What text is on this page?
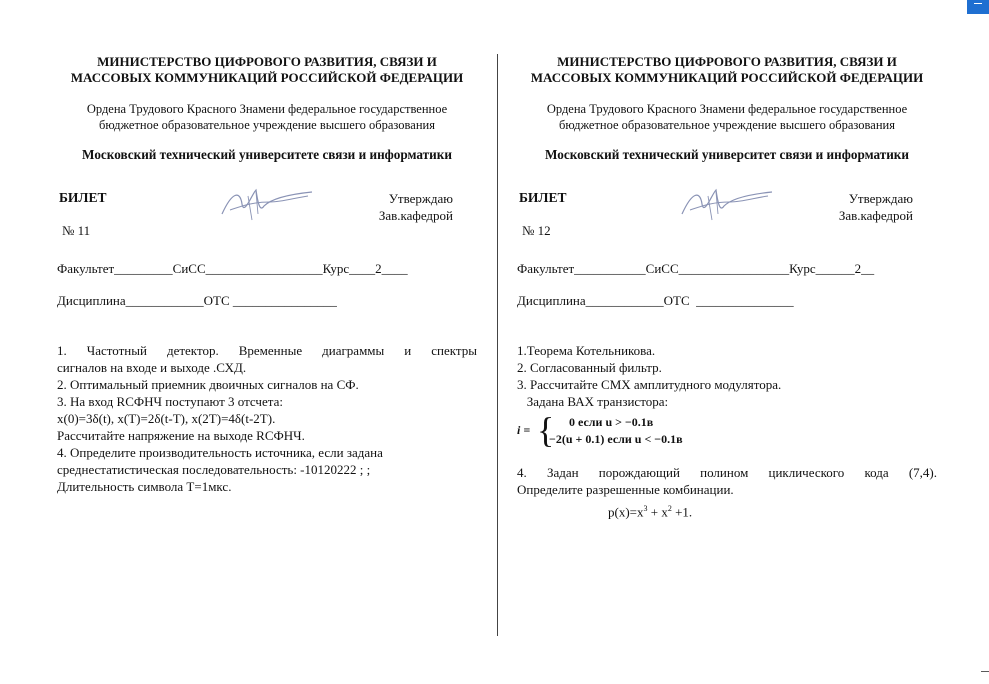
МИНИСТЕРСТВО ЦИФРОВОГО РАЗВИТИЯ, СВЯЗИ И
МАССОВЫХ КОММУНИКАЦИЙ РОССИЙСКОЙ ФЕДЕРАЦИИ
Ордена Трудового Красного Знамени федеральное государственное
бюджетное образовательное учреждение высшего образования
Московский технический университете связи и информатики
БИЛЕТ	Утверждаю
Зав.кафедрой
№ 11
Факультет_________СиСС__________________Курс____2____
Дисциплина____________ОТС ________________
1. Частотный детектор. Временные диаграммы и спектры
сигналов на входе и выходе .СХД.
2. Оптимальный приемник двоичных сигналов на СФ.
3. На вход RCФНЧ поступают 3 отсчета:
x(0)=3δ(t), x(T)=2δ(t-T), x(2T)=4δ(t-2T).
Рассчитайте напряжение на выходе RCФНЧ.
4. Определите производительность источника, если задана
среднестатистическая последовательность: -10120222 ; ;
Длительность символа T=1мкс.
МИНИСТЕРСТВО ЦИФРОВОГО РАЗВИТИЯ, СВЯЗИ И
МАССОВЫХ КОММУНИКАЦИЙ РОССИЙСКОЙ ФЕДЕРАЦИИ
Ордена Трудового Красного Знамени федеральное государственное
бюджетное образовательное учреждение высшего образования
Московский технический университет связи и информатики
БИЛЕТ	Утверждаю
Зав.кафедрой
№ 12
Факультет___________СиСС_________________Курс______2__
Дисциплина____________ОТС  _______________
1.Теорема Котельникова.
2. Согласованный фильтр.
3. Рассчитайте СМХ амплитудного модулятора.
Задана ВАХ транзистора:
i = { 0 если u > −0.1в
−2(u + 0.1) если u < −0.1в
4. Задан порождающий полином циклического кода (7,4).
Определите разрешенные комбинации.
$p(x)=x^3 + x^2 +1$.
